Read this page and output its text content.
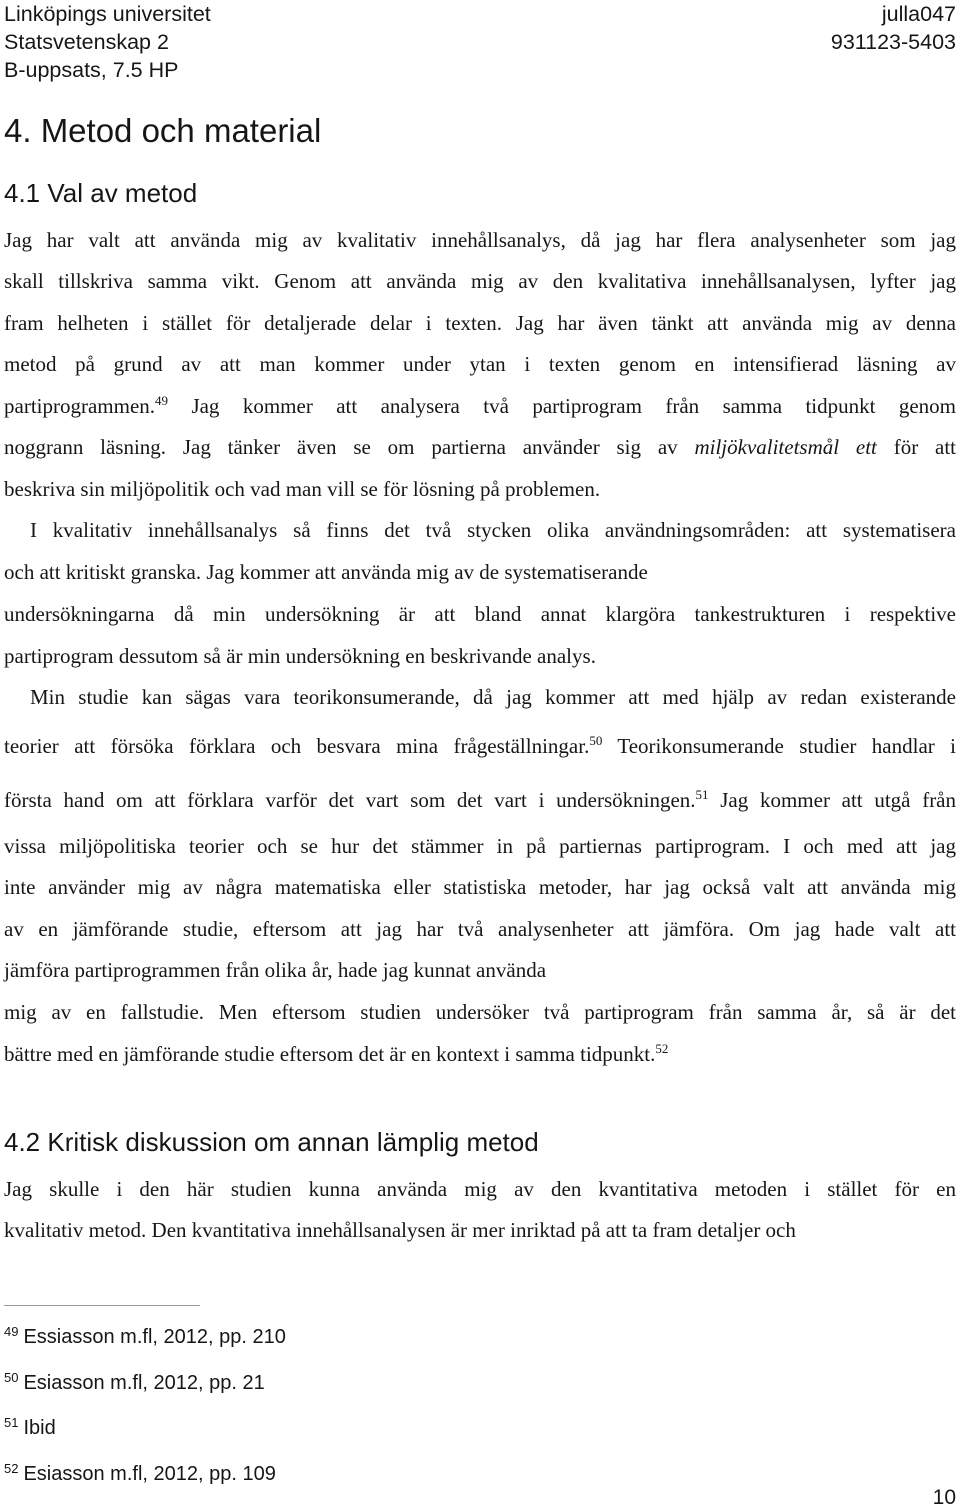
Linköpings universitet	julla047
Statsvetenskap 2	931123-5403
B-uppsats, 7.5 HP
4. Metod och material
4.1 Val av metod
Jag har valt att använda mig av kvalitativ innehållsanalys, då jag har flera analysenheter som jag
skall tillskriva samma vikt. Genom att använda mig av den kvalitativa innehållsanalysen, lyfter jag
fram helheten i stället för detaljerade delar i texten. Jag har även tänkt att använda mig av denna
metod på grund av att man kommer under ytan i texten genom en intensifierad läsning av
partiprogrammen.$^{49}$ Jag kommer att analysera två partiprogram från samma tidpunkt genom
noggrann läsning. Jag tänker även se om partierna använder sig av miljökvalitetsmål ett för att
beskriva sin miljöpolitik och vad man vill se för lösning på problemen.
I kvalitativ innehållsanalys så finns det två stycken olika användningsområden: att systematisera
och att kritiskt granska. Jag kommer att använda mig av de systematiserande
undersökningarna då min undersökning är att bland annat klargöra tankestrukturen i respektive
partiprogram dessutom så är min undersökning en beskrivande analys.
Min studie kan sägas vara teorikonsumerande, då jag kommer att med hjälp av redan existerande
teorier att försöka förklara och besvara mina frågeställningar.$^{50}$ Teorikonsumerande studier handlar i
första hand om att förklara varför det vart som det vart i undersökningen.$^{51}$ Jag kommer att utgå från
vissa miljöpolitiska teorier och se hur det stämmer in på partiernas partiprogram. I och med att jag
inte använder mig av några matematiska eller statistiska metoder, har jag också valt att använda mig
av en jämförande studie, eftersom att jag har två analysenheter att jämföra. Om jag hade valt att
jämföra partiprogrammen från olika år, hade jag kunnat använda
mig av en fallstudie. Men eftersom studien undersöker två partiprogram från samma år, så är det
bättre med en jämförande studie eftersom det är en kontext i samma tidpunkt.$^{52}$
4.2 Kritisk diskussion om annan lämplig metod
Jag skulle i den här studien kunna använda mig av den kvantitativa metoden i stället för en
kvalitativ metod. Den kvantitativa innehållsanalysen är mer inriktad på att ta fram detaljer och
$^{49}$ Essiasson m.fl, 2012, pp. 210
$^{50}$ Esiasson m.fl, 2012, pp. 21
$^{51}$ Ibid
$^{52}$ Esiasson m.fl, 2012, pp. 109
10
